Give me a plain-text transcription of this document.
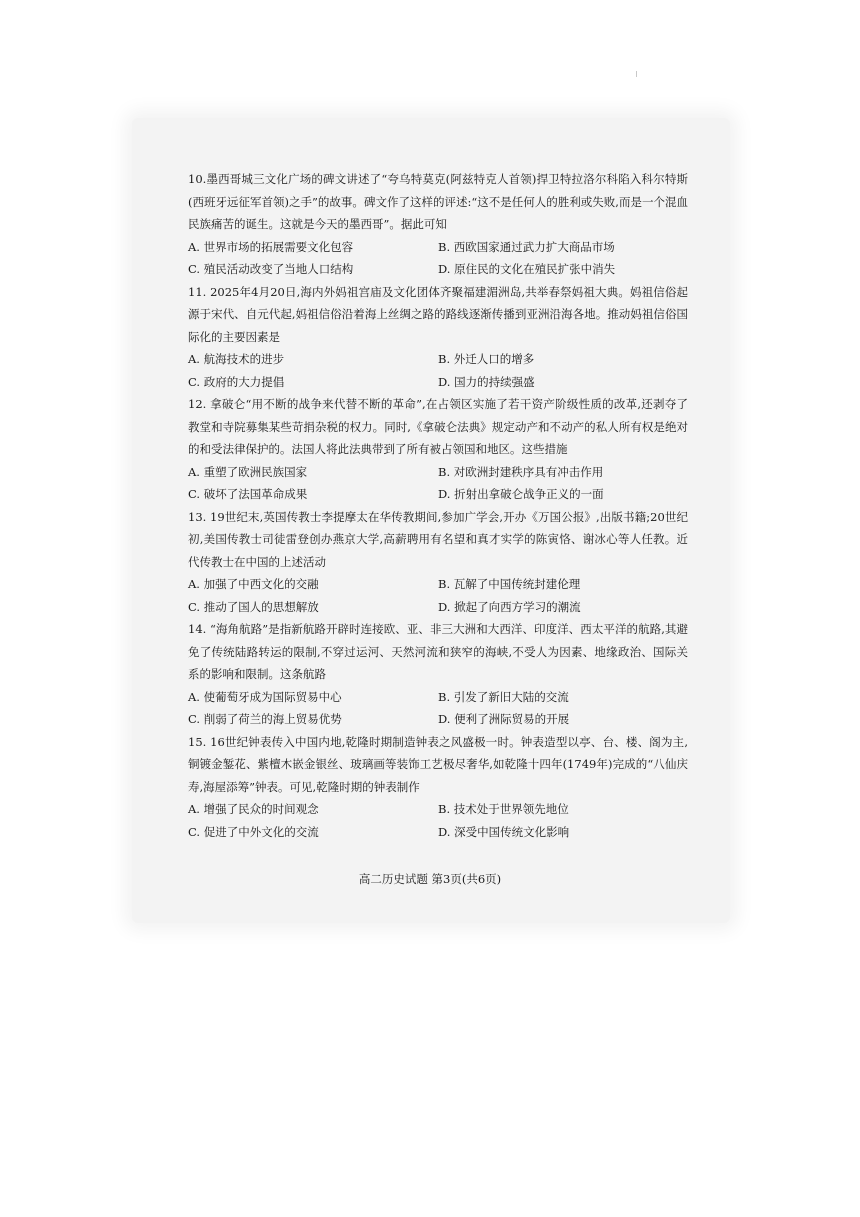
10.墨西哥城三文化广场的碑文讲述了“夸乌特莫克(阿兹特克人首领)捍卫特拉洛尔科陷入科尔特斯(西班牙远征军首领)之手”的故事。碑文作了这样的评述:“这不是任何人的胜利或失败,而是一个混血民族痛苦的诞生。这就是今天的墨西哥”。据此可知

A. 世界市场的拓展需要文化包容	B. 西欧国家通过武力扩大商品市场

C. 殖民活动改变了当地人口结构	D. 原住民的文化在殖民扩张中消失

11. 2025年4月20日,海内外妈祖宫庙及文化团体齐聚福建湄洲岛,共举春祭妈祖大典。妈祖信俗起源于宋代、自元代起,妈祖信俗沿着海上丝绸之路的路线逐渐传播到亚洲沿海各地。推动妈祖信俗国际化的主要因素是

A. 航海技术的进步	B. 外迁人口的增多

C. 政府的大力提倡	D. 国力的持续强盛

12. 拿破仑“用不断的战争来代替不断的革命”,在占领区实施了若干资产阶级性质的改革,还剥夺了教堂和寺院募集某些苛捐杂税的权力。同时,《拿破仑法典》规定动产和不动产的私人所有权是绝对的和受法律保护的。法国人将此法典带到了所有被占领国和地区。这些措施

A. 重塑了欧洲民族国家	B. 对欧洲封建秩序具有冲击作用

C. 破坏了法国革命成果	D. 折射出拿破仑战争正义的一面

13. 19世纪末,英国传教士李提摩太在华传教期间,参加广学会,开办《万国公报》,出版书籍;20世纪初,美国传教士司徒雷登创办燕京大学,高薪聘用有名望和真才实学的陈寅恪、谢冰心等人任教。近代传教士在中国的上述活动

A. 加强了中西文化的交融	B. 瓦解了中国传统封建伦理

C. 推动了国人的思想解放	D. 掀起了向西方学习的潮流

14. “海角航路”是指新航路开辟时连接欧、亚、非三大洲和大西洋、印度洋、西太平洋的航路,其避免了传统陆路转运的限制,不穿过运河、天然河流和狭窄的海峡,不受人为因素、地缘政治、国际关系的影响和限制。这条航路

A. 使葡萄牙成为国际贸易中心	B. 引发了新旧大陆的交流

C. 削弱了荷兰的海上贸易优势	D. 便利了洲际贸易的开展

15. 16世纪钟表传入中国内地,乾隆时期制造钟表之风盛极一时。钟表造型以亭、台、楼、阁为主,铜镀金錾花、紫檀木嵌金银丝、玻璃画等装饰工艺极尽奢华,如乾隆十四年(1749年)完成的“八仙庆寿,海屋添筹”钟表。可见,乾隆时期的钟表制作

A. 增强了民众的时间观念	B. 技术处于世界领先地位

C. 促进了中外文化的交流	D. 深受中国传统文化影响

高二历史试题 第3页(共6页)
